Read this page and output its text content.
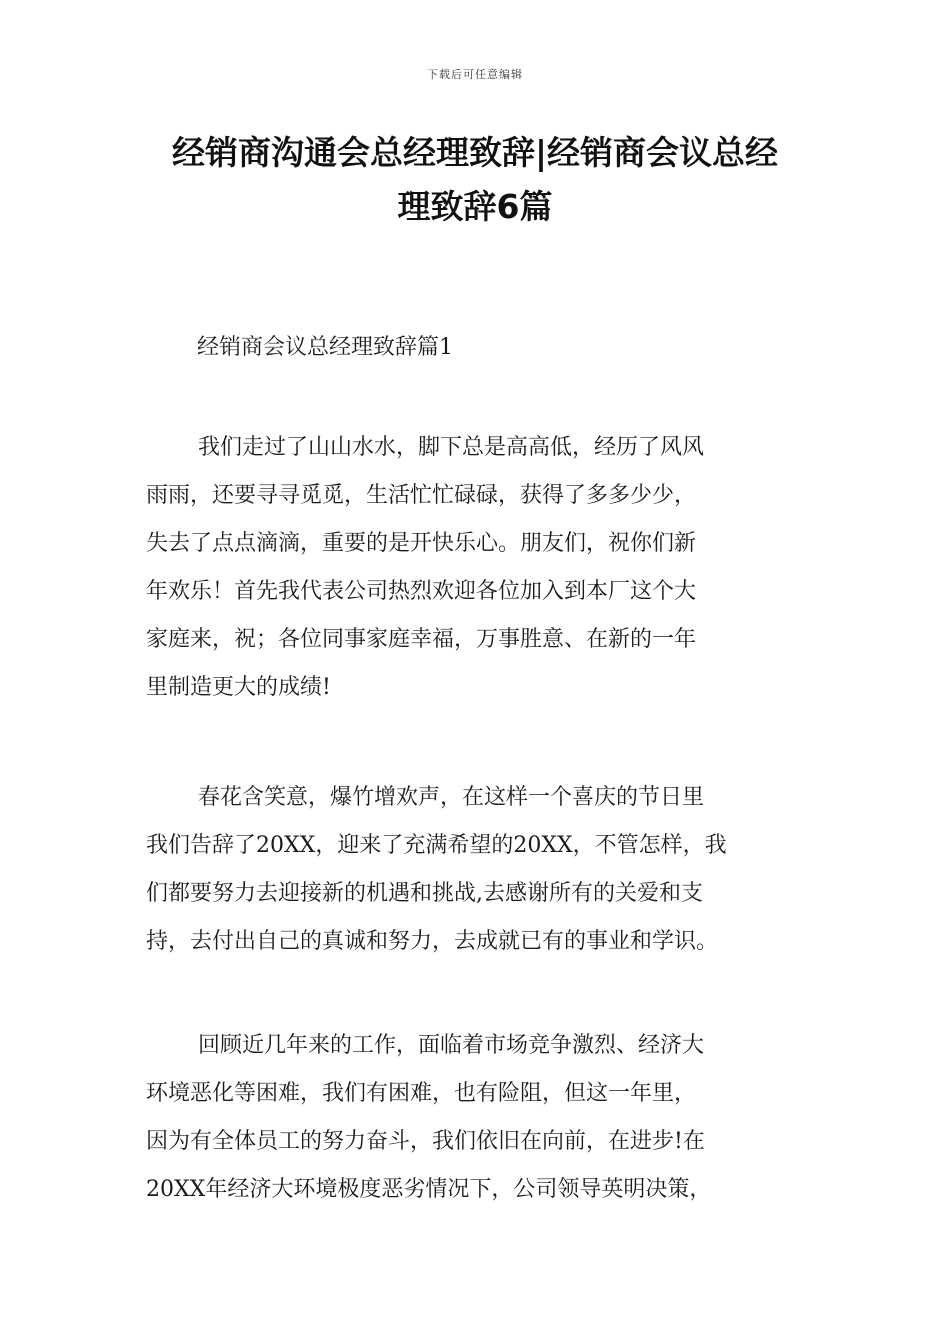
下载后可任意编辑
经销商沟通会总经理致辞|经销商会议总经
理致辞6篇
经销商会议总经理致辞篇1
我们走过了山山水水，脚下总是高高低，经历了风风
雨雨，还要寻寻觅觅，生活忙忙碌碌，获得了多多少少，
失去了点点滴滴，重要的是开快乐心。朋友们，祝你们新
年欢乐！首先我代表公司热烈欢迎各位加入到本厂这个大
家庭来，祝；各位同事家庭幸福，万事胜意、在新的一年
里制造更大的成绩!
春花含笑意，爆竹增欢声，在这样一个喜庆的节日里
我们告辞了20XX，迎来了充满希望的20XX，不管怎样，我
们都要努力去迎接新的机遇和挑战,去感谢所有的关爱和支
持，去付出自己的真诚和努力，去成就已有的事业和学识。
回顾近几年来的工作，面临着市场竞争激烈、经济大
环境恶化等困难，我们有困难，也有险阻，但这一年里，
因为有全体员工的努力奋斗，我们依旧在向前，在进步!在
20XX年经济大环境极度恶劣情况下，公司领导英明决策，
